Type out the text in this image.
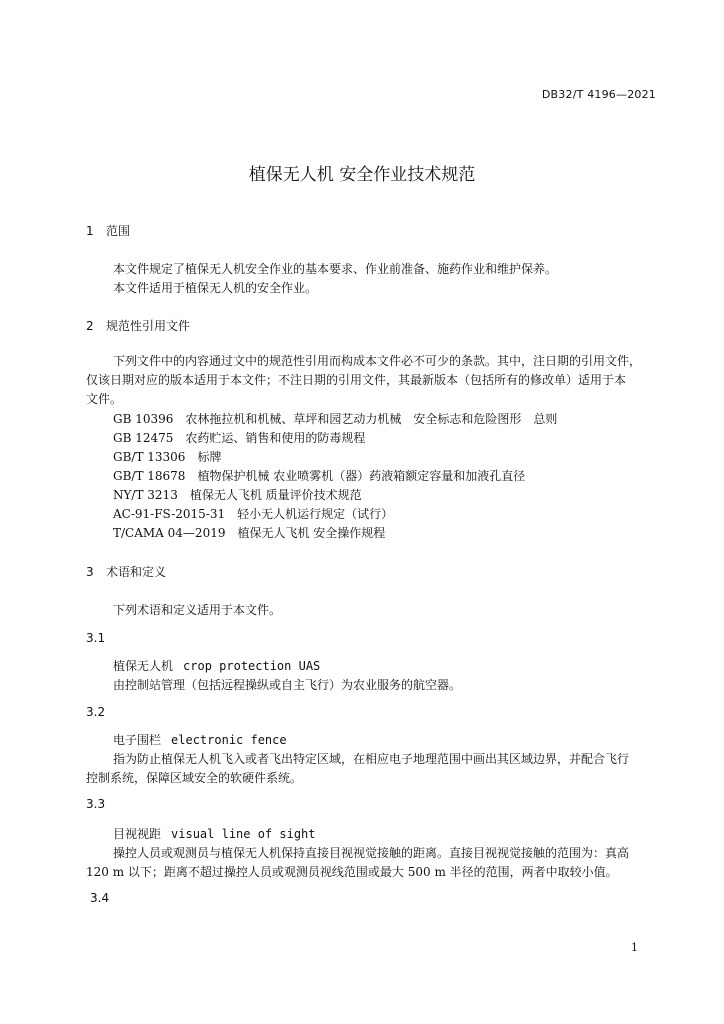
DB32/T 4196—2021
植保无人机 安全作业技术规范
1 范围
本文件规定了植保无人机安全作业的基本要求、作业前准备、施药作业和维护保养。
本文件适用于植保无人机的安全作业。
2 规范性引用文件
下列文件中的内容通过文中的规范性引用而构成本文件必不可少的条款。其中，注日期的引用文件，
仅该日期对应的版本适用于本文件；不注日期的引用文件，其最新版本（包括所有的修改单）适用于本
文件。
GB 10396　农林拖拉机和机械、草坪和园艺动力机械　安全标志和危险图形　总则
GB 12475　农药贮运、销售和使用的防毒规程
GB/T 13306　标牌
GB/T 18678　植物保护机械 农业喷雾机（器）药液箱额定容量和加液孔直径
NY/T 3213　植保无人飞机 质量评价技术规范
AC-91-FS-2015-31　轻小无人机运行规定（试行）
T/CAMA 04—2019　植保无人飞机 安全操作规程
3 术语和定义
下列术语和定义适用于本文件。
3.1
植保无人机 crop protection UAS
由控制站管理（包括远程操纵或自主飞行）为农业服务的航空器。
3.2
电子围栏 electronic fence
指为防止植保无人机飞入或者飞出特定区域，在相应电子地理范围中画出其区域边界，并配合飞行
控制系统，保障区域安全的软硬件系统。
3.3
目视视距 visual line of sight
操控人员或观测员与植保无人机保持直接目视视觉接触的距离。直接目视视觉接触的范围为：真高
120 m 以下；距离不超过操控人员或观测员视线范围或最大 500 m 半径的范围，两者中取较小值。
3.4
1
